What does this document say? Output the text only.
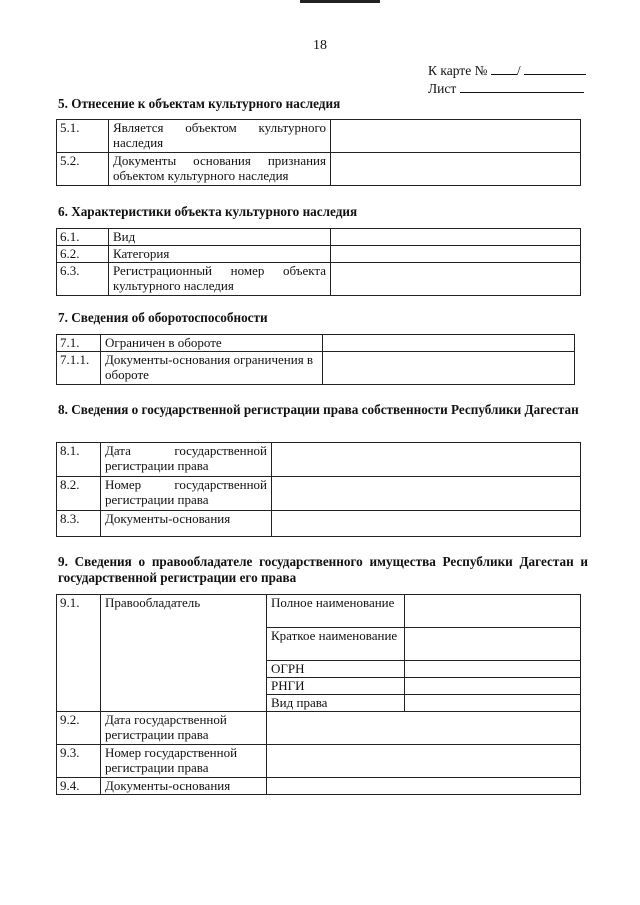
18
К карте № /
Лист
5. Отнесение к объектам культурного наследия
5.1.	Является объектом культурного наследия	
5.2.	Документы основания признания объектом культурного наследия	
6. Характеристики объекта культурного наследия
6.1.	Вид	
6.2.	Категория	
6.3.	Регистрационный номер объекта культурного наследия	
7. Сведения об оборотоспособности
7.1.	Ограничен в обороте	
7.1.1.	Документы-основания ограничения в обороте	
8. Сведения о государственной регистрации права собственности Республики Дагестан
8.1.	Дата государственной регистрации права	
8.2.	Номер государственной регистрации права	
8.3.	Документы-основания	
9. Сведения о правообладателе государственного имущества Республики Дагестан и государственной регистрации его права
9.1.	Правообладатель	Полное наименование	
		Краткое наименование	
		ОГРН	
		РНГИ	
		Вид права	
9.2.	Дата государственной регистрации права		
9.3.	Номер государственной регистрации права		
9.4.	Документы-основания		
